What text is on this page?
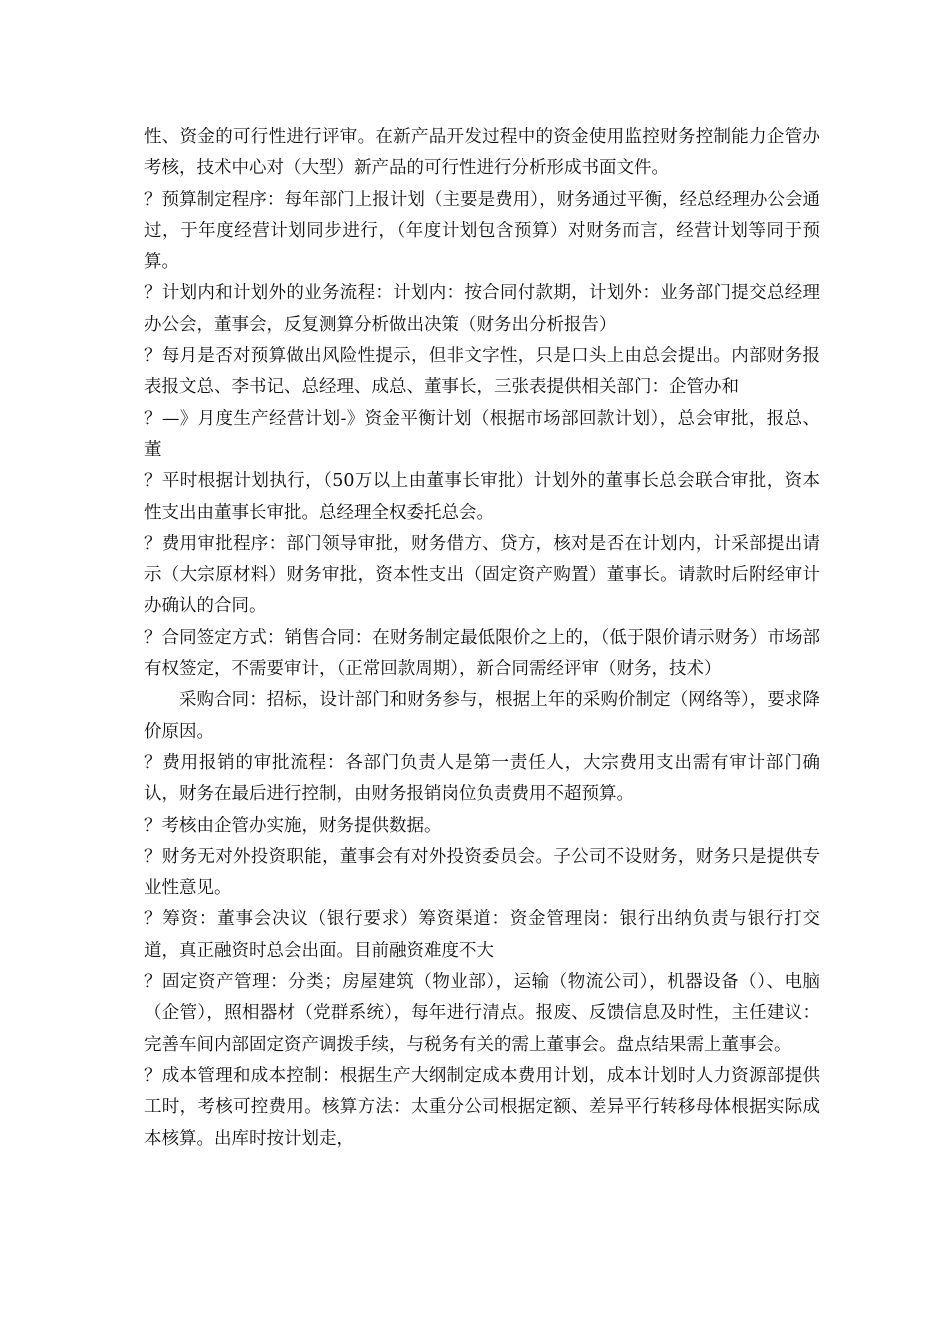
性、资金的可行性进行评审。在新产品开发过程中的资金使用监控财务控制能力企管办考核，技术中心对（大型）新产品的可行性进行分析形成书面文件。

？预算制定程序：每年部门上报计划（主要是费用），财务通过平衡，经总经理办公会通过，于年度经营计划同步进行，（年度计划包含预算）对财务而言，经营计划等同于预算。

？计划内和计划外的业务流程：计划内：按合同付款期，计划外：业务部门提交总经理办公会，董事会，反复测算分析做出决策（财务出分析报告）

？每月是否对预算做出风险性提示，但非文字性，只是口头上由总会提出。内部财务报表报文总、李书记、总经理、成总、董事长，三张表提供相关部门：企管办和

？—》月度生产经营计划-》资金平衡计划（根据市场部回款计划），总会审批，报总、董

？平时根据计划执行，（50万以上由董事长审批）计划外的董事长总会联合审批，资本性支出由董事长审批。总经理全权委托总会。

？费用审批程序：部门领导审批，财务借方、贷方，核对是否在计划内，计采部提出请示（大宗原材料）财务审批，资本性支出（固定资产购置）董事长。请款时后附经审计办确认的合同。

？合同签定方式：销售合同：在财务制定最低限价之上的，（低于限价请示财务）市场部有权签定，不需要审计，（正常回款周期），新合同需经评审（财务，技术）

采购合同：招标，设计部门和财务参与，根据上年的采购价制定（网络等），要求降价原因。

？费用报销的审批流程：各部门负责人是第一责任人，大宗费用支出需有审计部门确认，财务在最后进行控制，由财务报销岗位负责费用不超预算。

？考核由企管办实施，财务提供数据。

？财务无对外投资职能，董事会有对外投资委员会。子公司不设财务，财务只是提供专业性意见。

？筹资：董事会决议（银行要求）筹资渠道：资金管理岗：银行出纳负责与银行打交道，真正融资时总会出面。目前融资难度不大

？固定资产管理：分类；房屋建筑（物业部），运输（物流公司），机器设备（）、电脑（企管），照相器材（党群系统），每年进行清点。报废、反馈信息及时性，主任建议：完善车间内部固定资产调拨手续，与税务有关的需上董事会。盘点结果需上董事会。

？成本管理和成本控制：根据生产大纲制定成本费用计划，成本计划时人力资源部提供工时，考核可控费用。核算方法：太重分公司根据定额、差异平行转移母体根据实际成本核算。出库时按计划走，
